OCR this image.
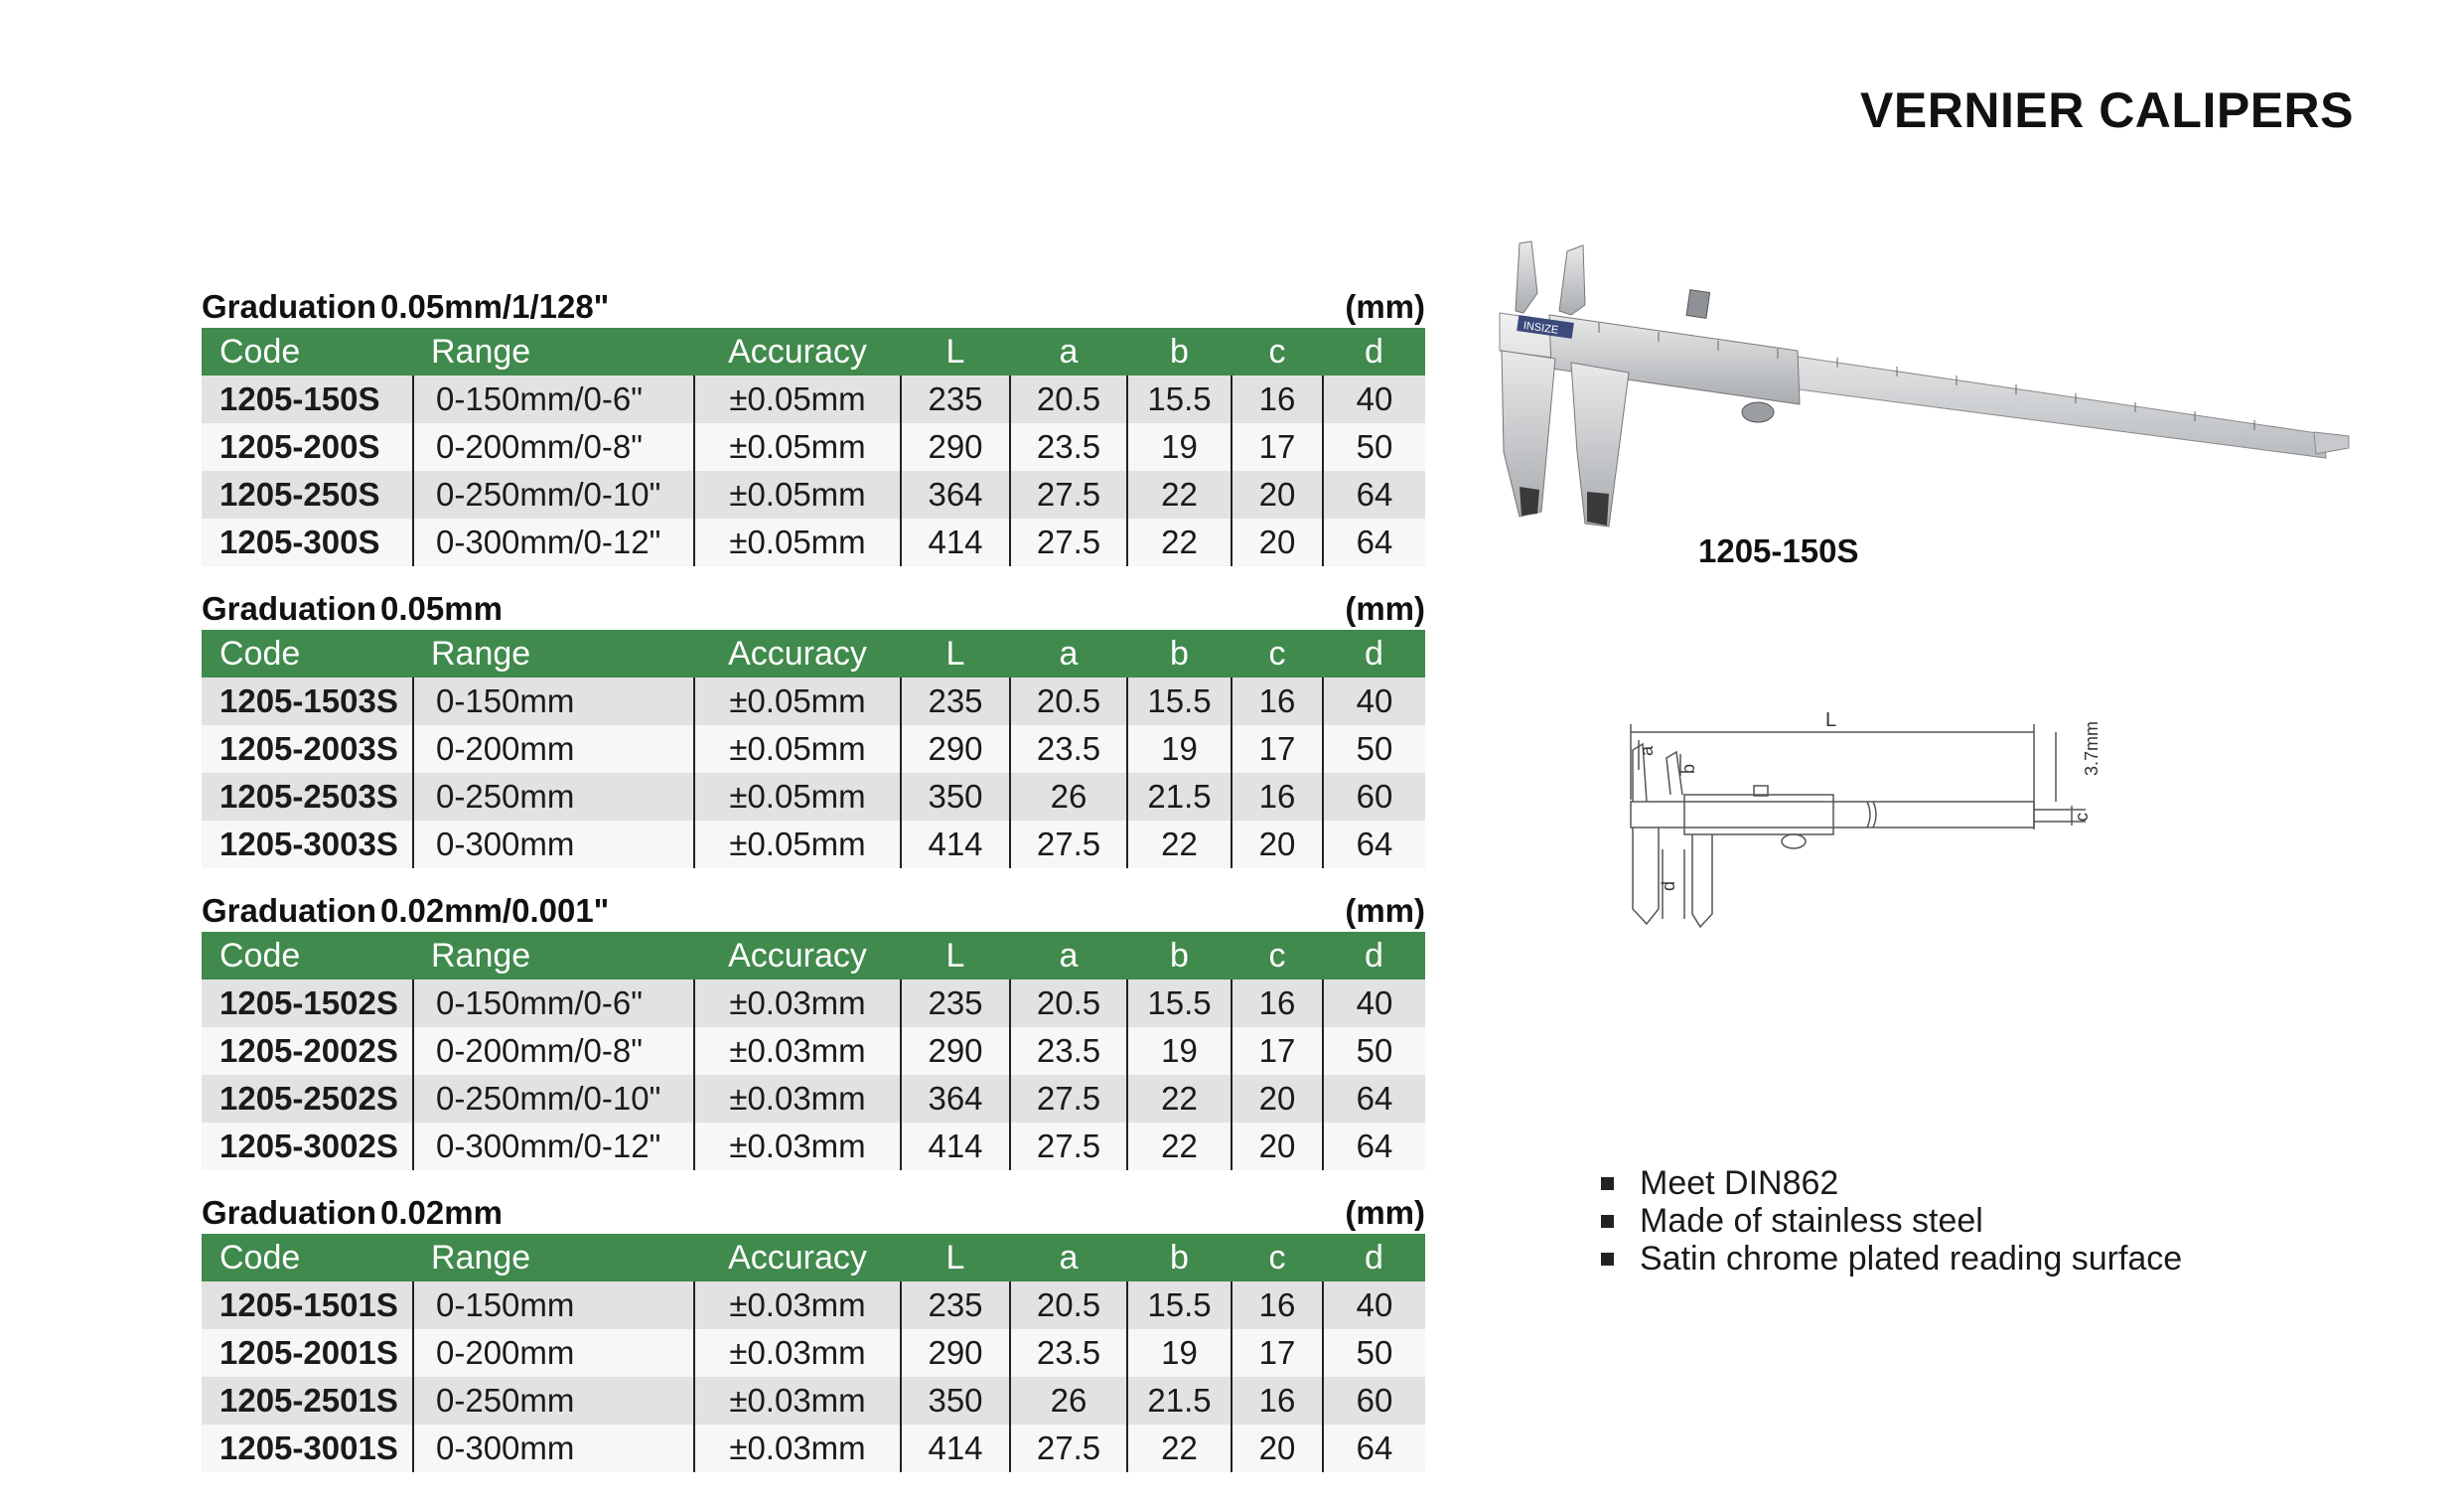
VERNIER CALIPERS
Graduation 0.05mm/1/128"	(mm)
Code	Range	Accuracy	L	a	b	c	d
1205-150S	0-150mm/0-6"	±0.05mm	235	20.5	15.5	16	40
1205-200S	0-200mm/0-8"	±0.05mm	290	23.5	19	17	50
1205-250S	0-250mm/0-10"	±0.05mm	364	27.5	22	20	64
1205-300S	0-300mm/0-12"	±0.05mm	414	27.5	22	20	64
Graduation 0.05mm	(mm)
Code	Range	Accuracy	L	a	b	c	d
1205-1503S	0-150mm	±0.05mm	235	20.5	15.5	16	40
1205-2003S	0-200mm	±0.05mm	290	23.5	19	17	50
1205-2503S	0-250mm	±0.05mm	350	26	21.5	16	60
1205-3003S	0-300mm	±0.05mm	414	27.5	22	20	64
Graduation 0.02mm/0.001"	(mm)
Code	Range	Accuracy	L	a	b	c	d
1205-1502S	0-150mm/0-6"	±0.03mm	235	20.5	15.5	16	40
1205-2002S	0-200mm/0-8"	±0.03mm	290	23.5	19	17	50
1205-2502S	0-250mm/0-10"	±0.03mm	364	27.5	22	20	64
1205-3002S	0-300mm/0-12"	±0.03mm	414	27.5	22	20	64
Graduation 0.02mm	(mm)
Code	Range	Accuracy	L	a	b	c	d
1205-1501S	0-150mm	±0.03mm	235	20.5	15.5	16	40
1205-2001S	0-200mm	±0.03mm	290	23.5	19	17	50
1205-2501S	0-250mm	±0.03mm	350	26	21.5	16	60
1205-3001S	0-300mm	±0.03mm	414	27.5	22	20	64
INSIZE
1205-150S
L
a
b
d
c
3.7mm
Meet DIN862
Made of stainless steel
Satin chrome plated reading surface
